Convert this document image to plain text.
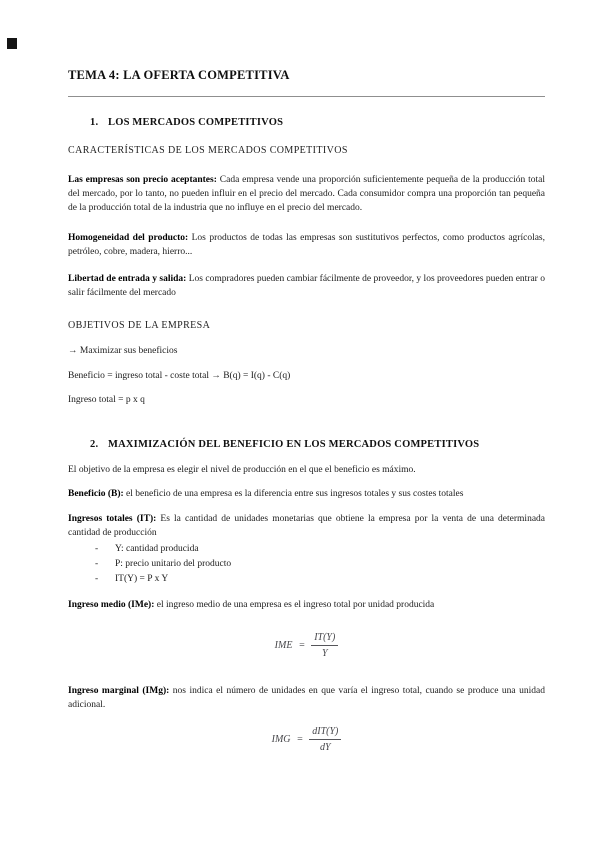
TEMA 4: LA OFERTA COMPETITIVA
1. LOS MERCADOS COMPETITIVOS
CARACTERÍSTICAS DE LOS MERCADOS COMPETITIVOS

Las empresas son precio aceptantes: Cada empresa vende una proporción suficientemente pequeña de la producción total del mercado, por lo tanto, no pueden influir en el precio del mercado. Cada consumidor compra una proporción tan pequeña de la producción total de la industria que no influye en el precio del mercado.

Homogeneidad del producto: Los productos de todas las empresas son sustitutivos perfectos, como productos agrícolas, petróleo, cobre, madera, hierro...

Libertad de entrada y salida: Los compradores pueden cambiar fácilmente de proveedor, y los proveedores pueden entrar o salir fácilmente del mercado

OBJETIVOS DE LA EMPRESA

→ Maximizar sus beneficios

Beneficio = ingreso total - coste total → B(q) = I(q) - C(q)

Ingreso total = p x q

2. MAXIMIZACIÓN DEL BENEFICIO EN LOS MERCADOS COMPETITIVOS

El objetivo de la empresa es elegir el nivel de producción en el que el beneficio es máximo.

Beneficio (B): el beneficio de una empresa es la diferencia entre sus ingresos totales y sus costes totales

Ingresos totales (IT): Es la cantidad de unidades monetarias que obtiene la empresa por la venta de una determinada cantidad de producción

-	Y: cantidad producida
-	P: precio unitario del producto
-	IT(Y) = P x Y

Ingreso medio (IMe): el ingreso medio de una empresa es el ingreso total por unidad producida

IME = $\frac{IT(Y)}{Y}$

Ingreso marginal (IMg): nos indica el número de unidades en que varía el ingreso total, cuando se produce una unidad adicional.

IMG = $\frac{\text{dIT(Y)}}{dY}$
